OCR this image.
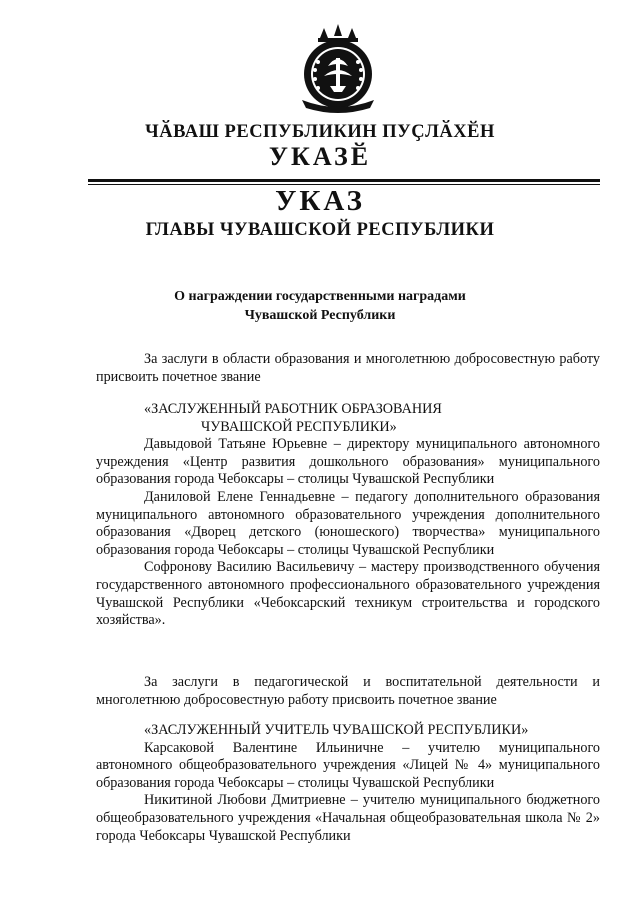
ЧӐВАШ РЕСПУБЛИКИН ПУҪЛӐХӖН
УКАЗӖ
УКАЗ
ГЛАВЫ ЧУВАШСКОЙ РЕСПУБЛИКИ
О награждении государственными наградами
Чувашской Республики

За заслуги в области образования и многолетнюю добросовестную работу присвоить почетное звание

«ЗАСЛУЖЕННЫЙ РАБОТНИК ОБРАЗОВАНИЯ
ЧУВАШСКОЙ РЕСПУБЛИКИ»

Давыдовой Татьяне Юрьевне – директору муниципального автономного учреждения «Центр развития дошкольного образования» муниципального образования города Чебоксары – столицы Чувашской Республики

Даниловой Елене Геннадьевне – педагогу дополнительного образования муниципального автономного образовательного учреждения дополнительного образования «Дворец детского (юношеского) творчества» муниципального образования города Чебоксары – столицы Чувашской Республики

Софронову Василию Васильевичу – мастеру производственного обучения государственного автономного профессионального образовательного учреждения Чувашской Республики «Чебоксарский техникум строительства и городского хозяйства».

За заслуги в педагогической и воспитательной деятельности и многолетнюю добросовестную работу присвоить почетное звание

«ЗАСЛУЖЕННЫЙ УЧИТЕЛЬ ЧУВАШСКОЙ РЕСПУБЛИКИ»

Карсаковой Валентине Ильиничне – учителю муниципального автономного общеобразовательного учреждения «Лицей № 4» муниципального образования города Чебоксары – столицы Чувашской Республики

Никитиной Любови Дмитриевне – учителю муниципального бюджетного общеобразовательного учреждения «Начальная общеобразовательная школа № 2» города Чебоксары Чувашской Республики
